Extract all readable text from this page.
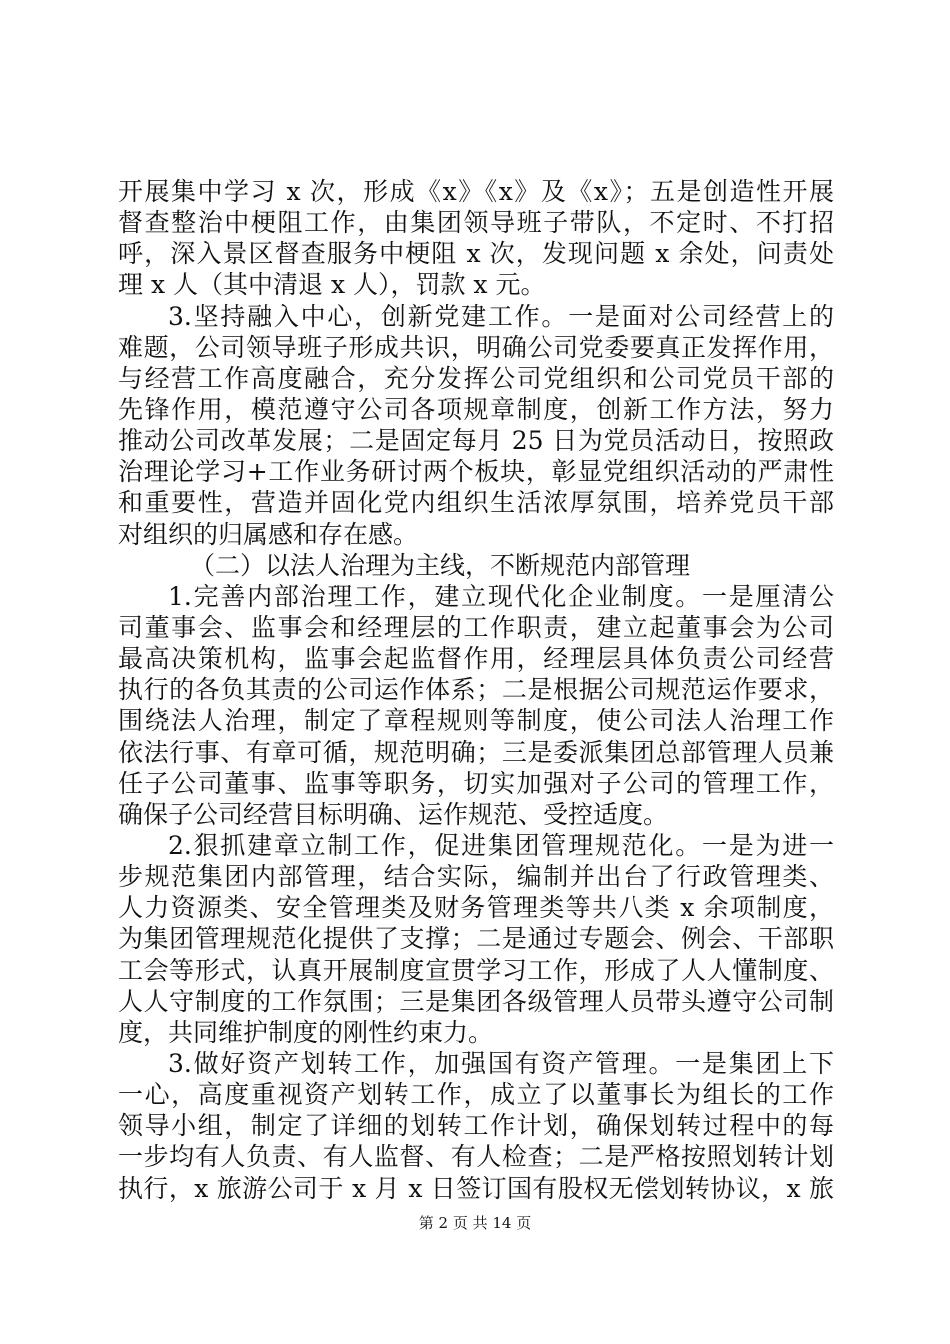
开展集中学习 x 次，形成《x》《x》及《x》；五是创造性开展
督查整治中梗阻工作，由集团领导班子带队，不定时、不打招
呼，深入景区督查服务中梗阻 x 次，发现问题 x 余处，问责处
理 x 人（其中清退 x 人），罚款 x 元。
3.坚持融入中心，创新党建工作。一是面对公司经营上的
难题，公司领导班子形成共识，明确公司党委要真正发挥作用，
与经营工作高度融合，充分发挥公司党组织和公司党员干部的
先锋作用，模范遵守公司各项规章制度，创新工作方法，努力
推动公司改革发展；二是固定每月 25 日为党员活动日，按照政
治理论学习+工作业务研讨两个板块，彰显党组织活动的严肃性
和重要性，营造并固化党内组织生活浓厚氛围，培养党员干部
对组织的归属感和存在感。
（二）以法人治理为主线，不断规范内部管理
1.完善内部治理工作，建立现代化企业制度。一是厘清公
司董事会、监事会和经理层的工作职责，建立起董事会为公司
最高决策机构，监事会起监督作用，经理层具体负责公司经营
执行的各负其责的公司运作体系；二是根据公司规范运作要求，
围绕法人治理，制定了章程规则等制度，使公司法人治理工作
依法行事、有章可循，规范明确；三是委派集团总部管理人员兼
任子公司董事、监事等职务，切实加强对子公司的管理工作，
确保子公司经营目标明确、运作规范、受控适度。
2.狠抓建章立制工作，促进集团管理规范化。一是为进一
步规范集团内部管理，结合实际，编制并出台了行政管理类、
人力资源类、安全管理类及财务管理类等共八类 x 余项制度，
为集团管理规范化提供了支撑；二是通过专题会、例会、干部职
工会等形式，认真开展制度宣贯学习工作，形成了人人懂制度、
人人守制度的工作氛围；三是集团各级管理人员带头遵守公司制
度，共同维护制度的刚性约束力。
3.做好资产划转工作，加强国有资产管理。一是集团上下
一心，高度重视资产划转工作，成立了以董事长为组长的工作
领导小组，制定了详细的划转工作计划，确保划转过程中的每
一步均有人负责、有人监督、有人检查；二是严格按照划转计划
执行，x 旅游公司于 x 月 x 日签订国有股权无偿划转协议，x 旅
第 2 页 共 14 页
